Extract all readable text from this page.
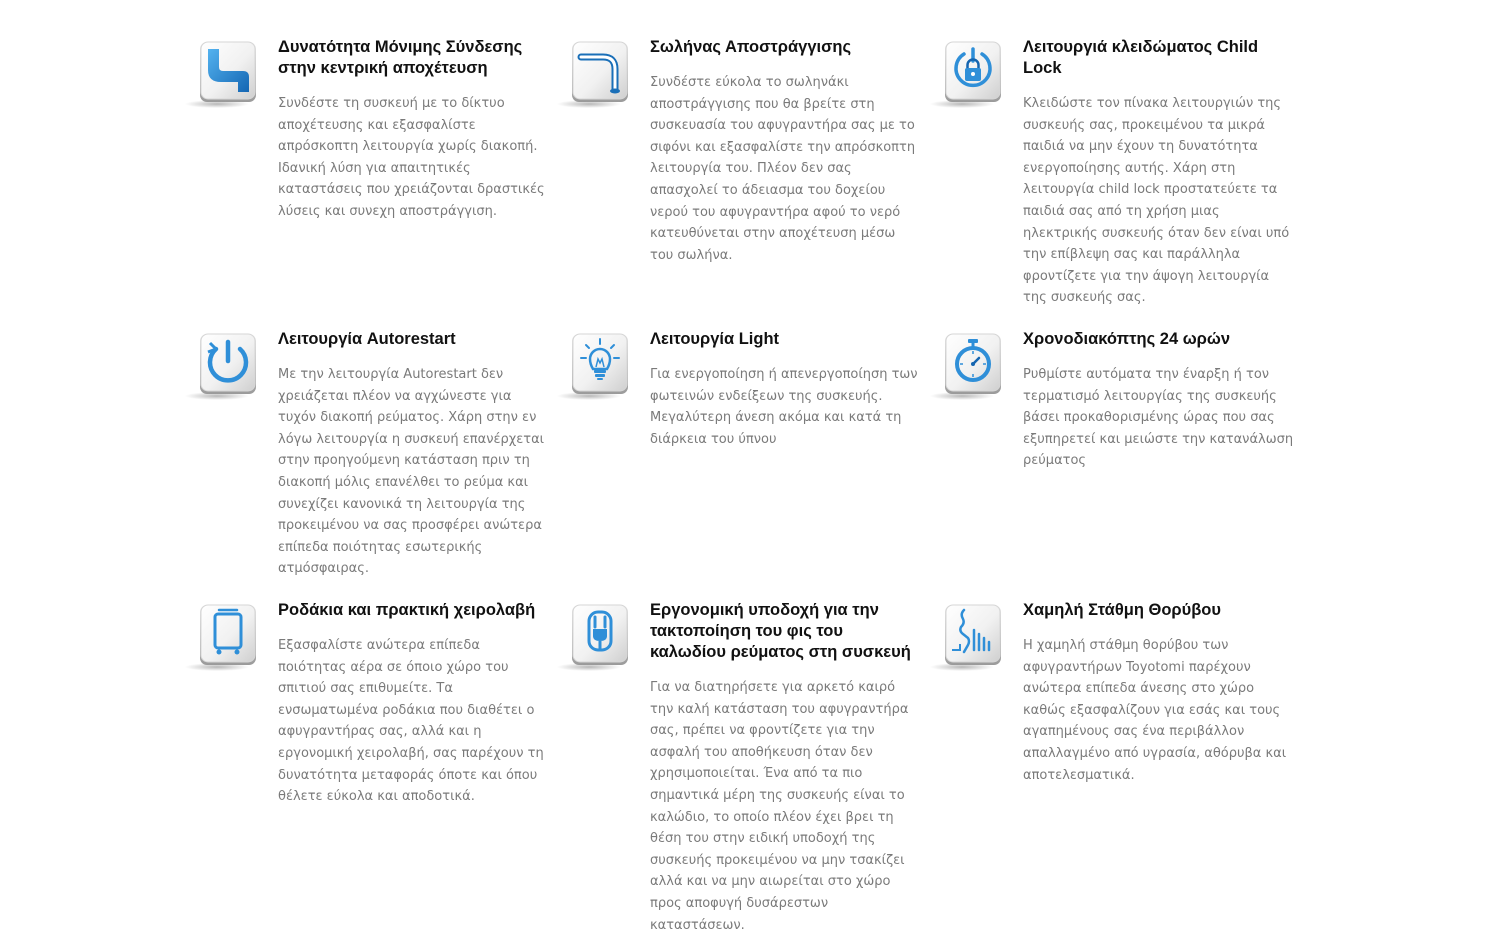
Δυνατότητα Μόνιμης Σύνδεσης στην κεντρική αποχέτευση

Συνδέστε τη συσκευή με το δίκτυο αποχέτευσης και εξασφαλίστε απρόσκοπτη λειτουργία χωρίς διακοπή. Ιδανική λύση για απαιτητικές καταστάσεις που χρειάζονται δραστικές λύσεις και συνεχη αποστράγγιση.

Σωλήνας Αποστράγγισης

Συνδέστε εύκολα το σωληνάκι αποστράγγισης που θα βρείτε στη συσκευασία του αφυγραντήρα σας με το σιφόνι και εξασφαλίστε την απρόσκοπτη λειτουργία του. Πλέον δεν σας απασχολεί το άδειασμα του δοχείου νερού του αφυγραντήρα αφού το νερό κατευθύνεται στην αποχέτευση μέσω του σωλήνα.

Λειτουργιά κλειδώματος Child Lock

Κλειδώστε τον πίνακα λειτουργιών της συσκευής σας, προκειμένου τα μικρά παιδιά να μην έχουν τη δυνατότητα ενεργοποίησης αυτής. Χάρη στη λειτουργία child lock προστατεύετε τα παιδιά σας από τη χρήση μιας ηλεκτρικής συσκευής όταν δεν είναι υπό την επίβλεψη σας και παράλληλα φροντίζετε για την άψογη λειτουργία της συσκευής σας.

Λειτουργία Autorestart

Με την λειτουργία Autorestart δεν χρειάζεται πλέον να αγχώνεστε για τυχόν διακοπή ρεύματος. Χάρη στην εν λόγω λειτουργία η συσκευή επανέρχεται στην προηγούμενη κατάσταση πριν τη διακοπή μόλις επανέλθει το ρεύμα και συνεχίζει κανονικά τη λειτουργία της προκειμένου να σας προσφέρει ανώτερα επίπεδα ποιότητας εσωτερικής ατμόσφαιρας.

Λειτουργία Light

Για ενεργοποίηση ή απενεργοποίηση των φωτεινών ενδείξεων της συσκευής. Μεγαλύτερη άνεση ακόμα και κατά τη διάρκεια του ύπνου

Χρονοδιακόπτης 24 ωρών

Ρυθμίστε αυτόματα την έναρξη ή τον τερματισμό λειτουργίας της συσκευής βάσει προκαθορισμένης ώρας που σας εξυπηρετεί και μειώστε την κατανάλωση ρεύματος

Ροδάκια και πρακτική χειρολαβή

Εξασφαλίστε ανώτερα επίπεδα ποιότητας αέρα σε όποιο χώρο του σπιτιού σας επιθυμείτε. Τα ενσωματωμένα ροδάκια που διαθέτει ο αφυγραντήρας σας, αλλά και η εργονομική χειρολαβή, σας παρέχουν τη δυνατότητα μεταφοράς όποτε και όπου θέλετε εύκολα και αποδοτικά.

Εργονομική υποδοχή για την τακτοποίηση του φις του καλωδίου ρεύματος στη συσκευή

Για να διατηρήσετε για αρκετό καιρό την καλή κατάσταση του αφυγραντήρα σας, πρέπει να φροντίζετε για την ασφαλή του αποθήκευση όταν δεν χρησιμοποιείται. Ένα από τα πιο σημαντικά μέρη της συσκευής είναι το καλώδιο, το οποίο πλέον έχει βρει τη θέση του στην ειδική υποδοχή της συσκευής προκειμένου να μην τσακίζει αλλά και να μην αιωρείται στο χώρο προς αποφυγή δυσάρεστων καταστάσεων.

Χαμηλή Στάθμη Θορύβου

Η χαμηλή στάθμη θορύβου των αφυγραντήρων Toyotomi παρέχουν ανώτερα επίπεδα άνεσης στο χώρο καθώς εξασφαλίζουν για εσάς και τους αγαπημένους σας ένα περιβάλλον απαλλαγμένο από υγρασία, αθόρυβα και αποτελεσματικά.
